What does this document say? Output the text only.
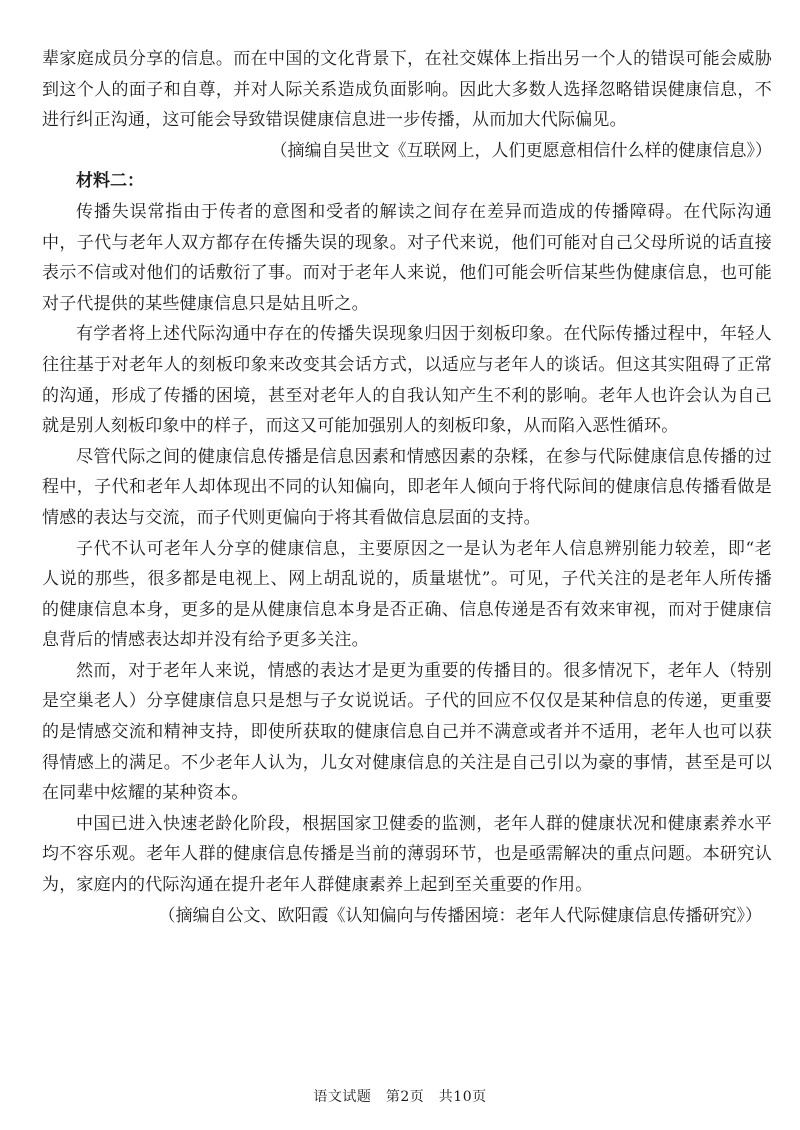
辈家庭成员分享的信息。而在中国的文化背景下，在社交媒体上指出另一个人的错误可能会威胁到这个人的面子和自尊，并对人际关系造成负面影响。因此大多数人选择忽略错误健康信息，不进行纠正沟通，这可能会导致错误健康信息进一步传播，从而加大代际偏见。

（摘编自吴世文《互联网上，人们更愿意相信什么样的健康信息》）
材料二：

传播失误常指由于传者的意图和受者的解读之间存在差异而造成的传播障碍。在代际沟通中，子代与老年人双方都存在传播失误的现象。对子代来说，他们可能对自己父母所说的话直接表示不信或对他们的话敷衍了事。而对于老年人来说，他们可能会听信某些伪健康信息，也可能对子代提供的某些健康信息只是姑且听之。

有学者将上述代际沟通中存在的传播失误现象归因于刻板印象。在代际传播过程中，年轻人往往基于对老年人的刻板印象来改变其会话方式，以适应与老年人的谈话。但这其实阻碍了正常的沟通，形成了传播的困境，甚至对老年人的自我认知产生不利的影响。老年人也许会认为自己就是别人刻板印象中的样子，而这又可能加强别人的刻板印象，从而陷入恶性循环。

尽管代际之间的健康信息传播是信息因素和情感因素的杂糅，在参与代际健康信息传播的过程中，子代和老年人却体现出不同的认知偏向，即老年人倾向于将代际间的健康信息传播看做是情感的表达与交流，而子代则更偏向于将其看做信息层面的支持。

子代不认可老年人分享的健康信息，主要原因之一是认为老年人信息辨别能力较差，即“老人说的那些，很多都是电视上、网上胡乱说的，质量堪忧”。可见，子代关注的是老年人所传播的健康信息本身，更多的是从健康信息本身是否正确、信息传递是否有效来审视，而对于健康信息背后的情感表达却并没有给予更多关注。

然而，对于老年人来说，情感的表达才是更为重要的传播目的。很多情况下，老年人（特别是空巢老人）分享健康信息只是想与子女说说话。子代的回应不仅仅是某种信息的传递，更重要的是情感交流和精神支持，即使所获取的健康信息自己并不满意或者并不适用，老年人也可以获得情感上的满足。不少老年人认为，儿女对健康信息的关注是自己引以为豪的事情，甚至是可以在同辈中炫耀的某种资本。

中国已进入快速老龄化阶段，根据国家卫健委的监测，老年人群的健康状况和健康素养水平均不容乐观。老年人群的健康信息传播是当前的薄弱环节，也是亟需解决的重点问题。本研究认为，家庭内的代际沟通在提升老年人群健康素养上起到至关重要的作用。

（摘编自公文、欧阳霞《认知偏向与传播困境：老年人代际健康信息传播研究》）
语文试题　第2页　共10页
